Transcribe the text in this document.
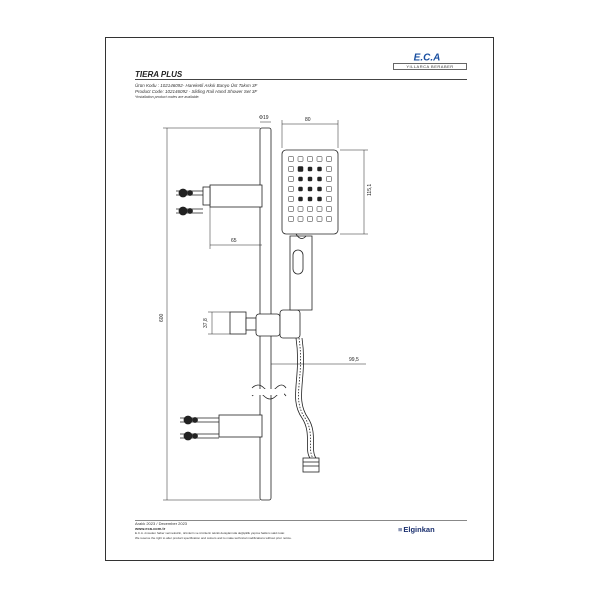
E.C.A
YILLARCA BERABER
TIERA PLUS
Ürün Kodu : 102146092- Hareketli Askılı Banyo Üst Takım 3F
Product Code: 102146092 - Sliding Rail Hand Shower Set 3F
*Installation product codes are available.
Φ19	80
115,1
65
37,8
600
99,5
Aralık 2023 / December 2023
www.eca.com.tr
E.C.A. önceden haber vermeksizin, ürünlerin ve ürünlerin teknik detaylarında değişiklik yapma hakkını saklı tutar.
We reserve the right to alter product specification and colours and to make technical modifications without prior notice.
≡Elginkan
